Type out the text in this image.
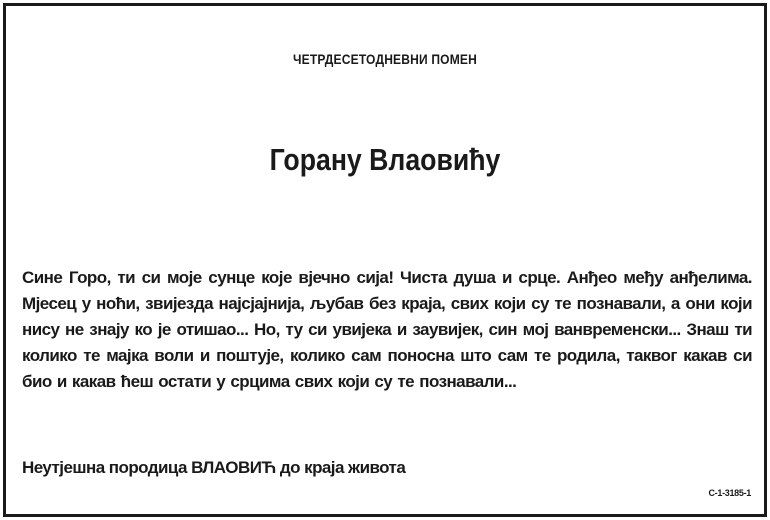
ЧЕТРДЕСЕТОДНЕВНИ ПОМЕН
Горану Влаовићу

Сине Горо, ти си моје сунце које вјечно сија! Чиста душа и срце. Анђео међу анђелима. Мјесец у ноћи, звијезда најсјајнија, љубав без краја, свих који су те познавали, а они који нису не знају ко је отишао... Но, ту си увијека и заувијек, син мој ванвременски... Знаш ти колико те мајка воли и поштује, колико сам поносна што сам те родила, таквог какав си био и какав ћеш остати у срцима свих који су те познавали...

Неутјешна породица ВЛАОВИЋ до краја живота
С-1-3185-1
